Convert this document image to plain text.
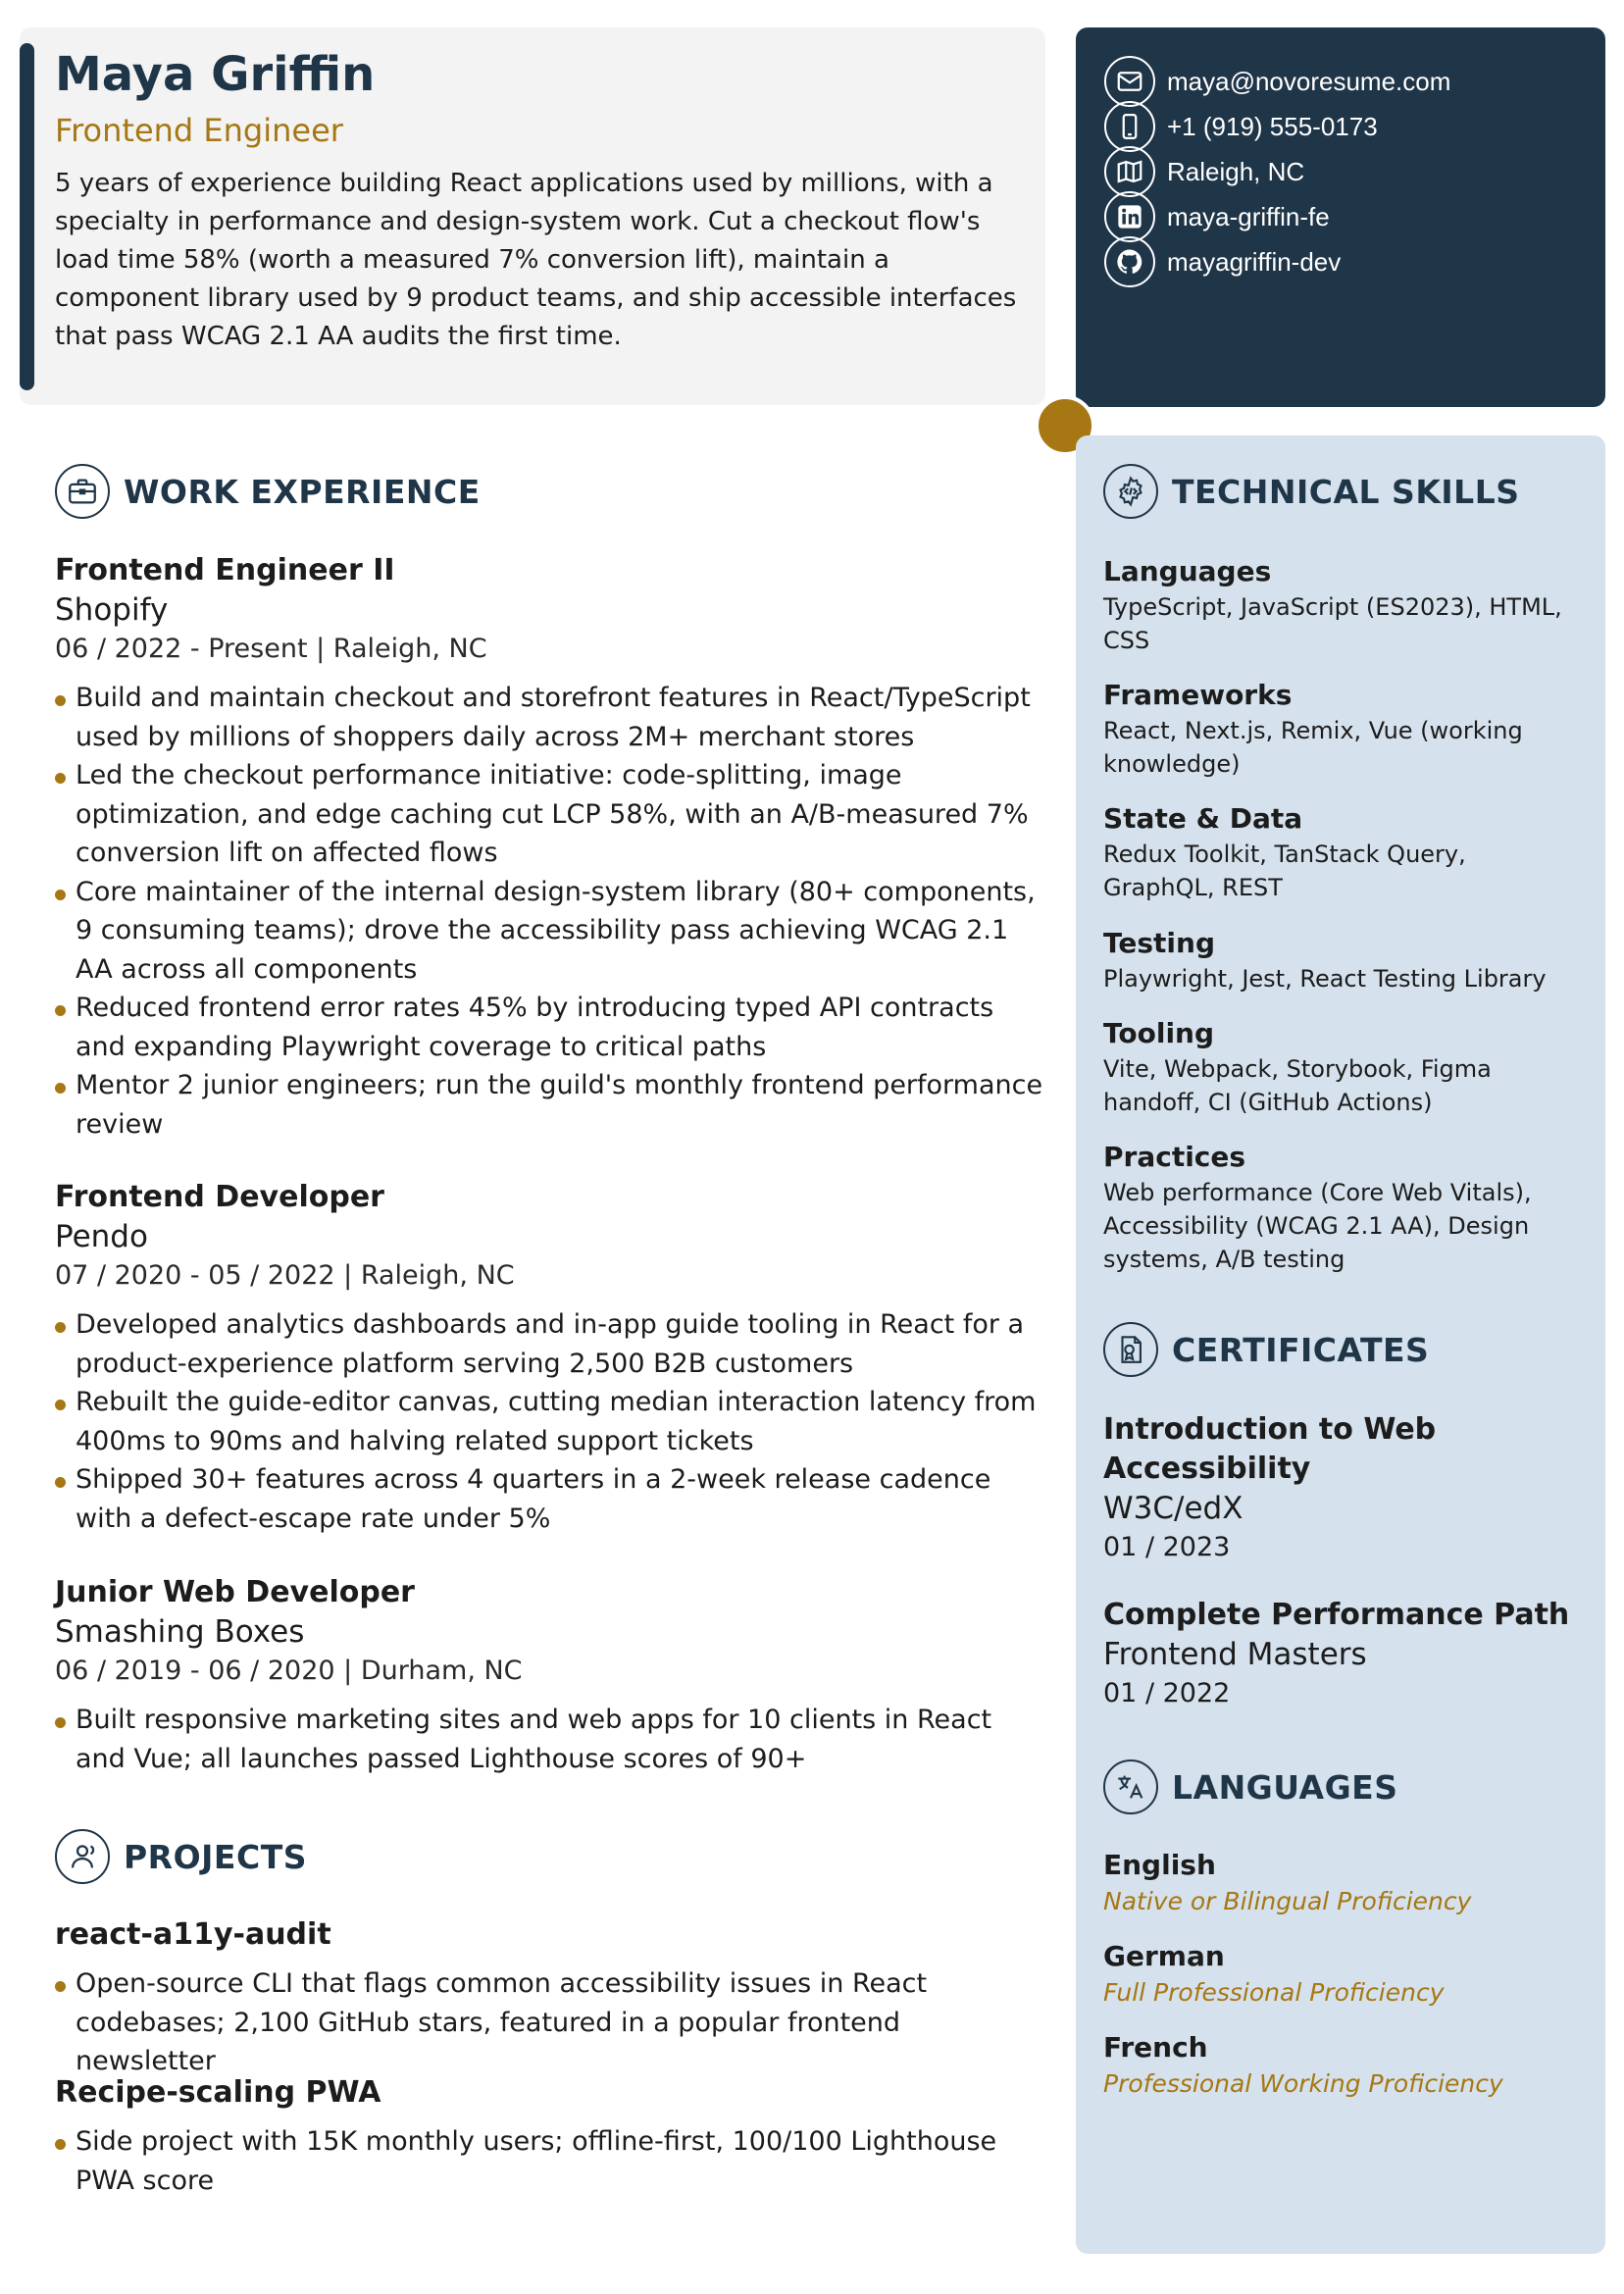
Maya Griffin
Frontend Engineer

5 years of experience building React applications used by millions, with a specialty in performance and design-system work. Cut a checkout flow's load time 58% (worth a measured 7% conversion lift), maintain a component library used by 9 product teams, and ship accessible interfaces that pass WCAG 2.1 AA audits the first time.

maya@novoresume.com
+1 (919) 555-0173
Raleigh, NC
maya-griffin-fe
mayagriffin-dev
WORK EXPERIENCE
Frontend Engineer II
Shopify
06 / 2022 - Present | Raleigh, NC
Build and maintain checkout and storefront features in React/TypeScript used by millions of shoppers daily across 2M+ merchant stores
Led the checkout performance initiative: code-splitting, image optimization, and edge caching cut LCP 58%, with an A/B-measured 7% conversion lift on affected flows
Core maintainer of the internal design-system library (80+ components, 9 consuming teams); drove the accessibility pass achieving WCAG 2.1 AA across all components
Reduced frontend error rates 45% by introducing typed API contracts and expanding Playwright coverage to critical paths
Mentor 2 junior engineers; run the guild's monthly frontend performance review
Frontend Developer
Pendo
07 / 2020 - 05 / 2022 | Raleigh, NC
Developed analytics dashboards and in-app guide tooling in React for a product-experience platform serving 2,500 B2B customers
Rebuilt the guide-editor canvas, cutting median interaction latency from 400ms to 90ms and halving related support tickets
Shipped 30+ features across 4 quarters in a 2-week release cadence with a defect-escape rate under 5%
Junior Web Developer
Smashing Boxes
06 / 2019 - 06 / 2020 | Durham, NC
Built responsive marketing sites and web apps for 10 clients in React and Vue; all launches passed Lighthouse scores of 90+
PROJECTS
react-a11y-audit
Open-source CLI that flags common accessibility issues in React codebases; 2,100 GitHub stars, featured in a popular frontend newsletter
Recipe-scaling PWA
Side project with 15K monthly users; offline-first, 100/100 Lighthouse PWA score
TECHNICAL SKILLS
Languages
TypeScript, JavaScript (ES2023), HTML, CSS
Frameworks
React, Next.js, Remix, Vue (working knowledge)
State & Data
Redux Toolkit, TanStack Query, GraphQL, REST
Testing
Playwright, Jest, React Testing Library
Tooling
Vite, Webpack, Storybook, Figma handoff, CI (GitHub Actions)
Practices
Web performance (Core Web Vitals), Accessibility (WCAG 2.1 AA), Design systems, A/B testing
CERTIFICATES
Introduction to Web Accessibility
W3C/edX
01 / 2023
Complete Performance Path
Frontend Masters
01 / 2022
LANGUAGES
English
Native or Bilingual Proficiency
German
Full Professional Proficiency
French
Professional Working Proficiency
